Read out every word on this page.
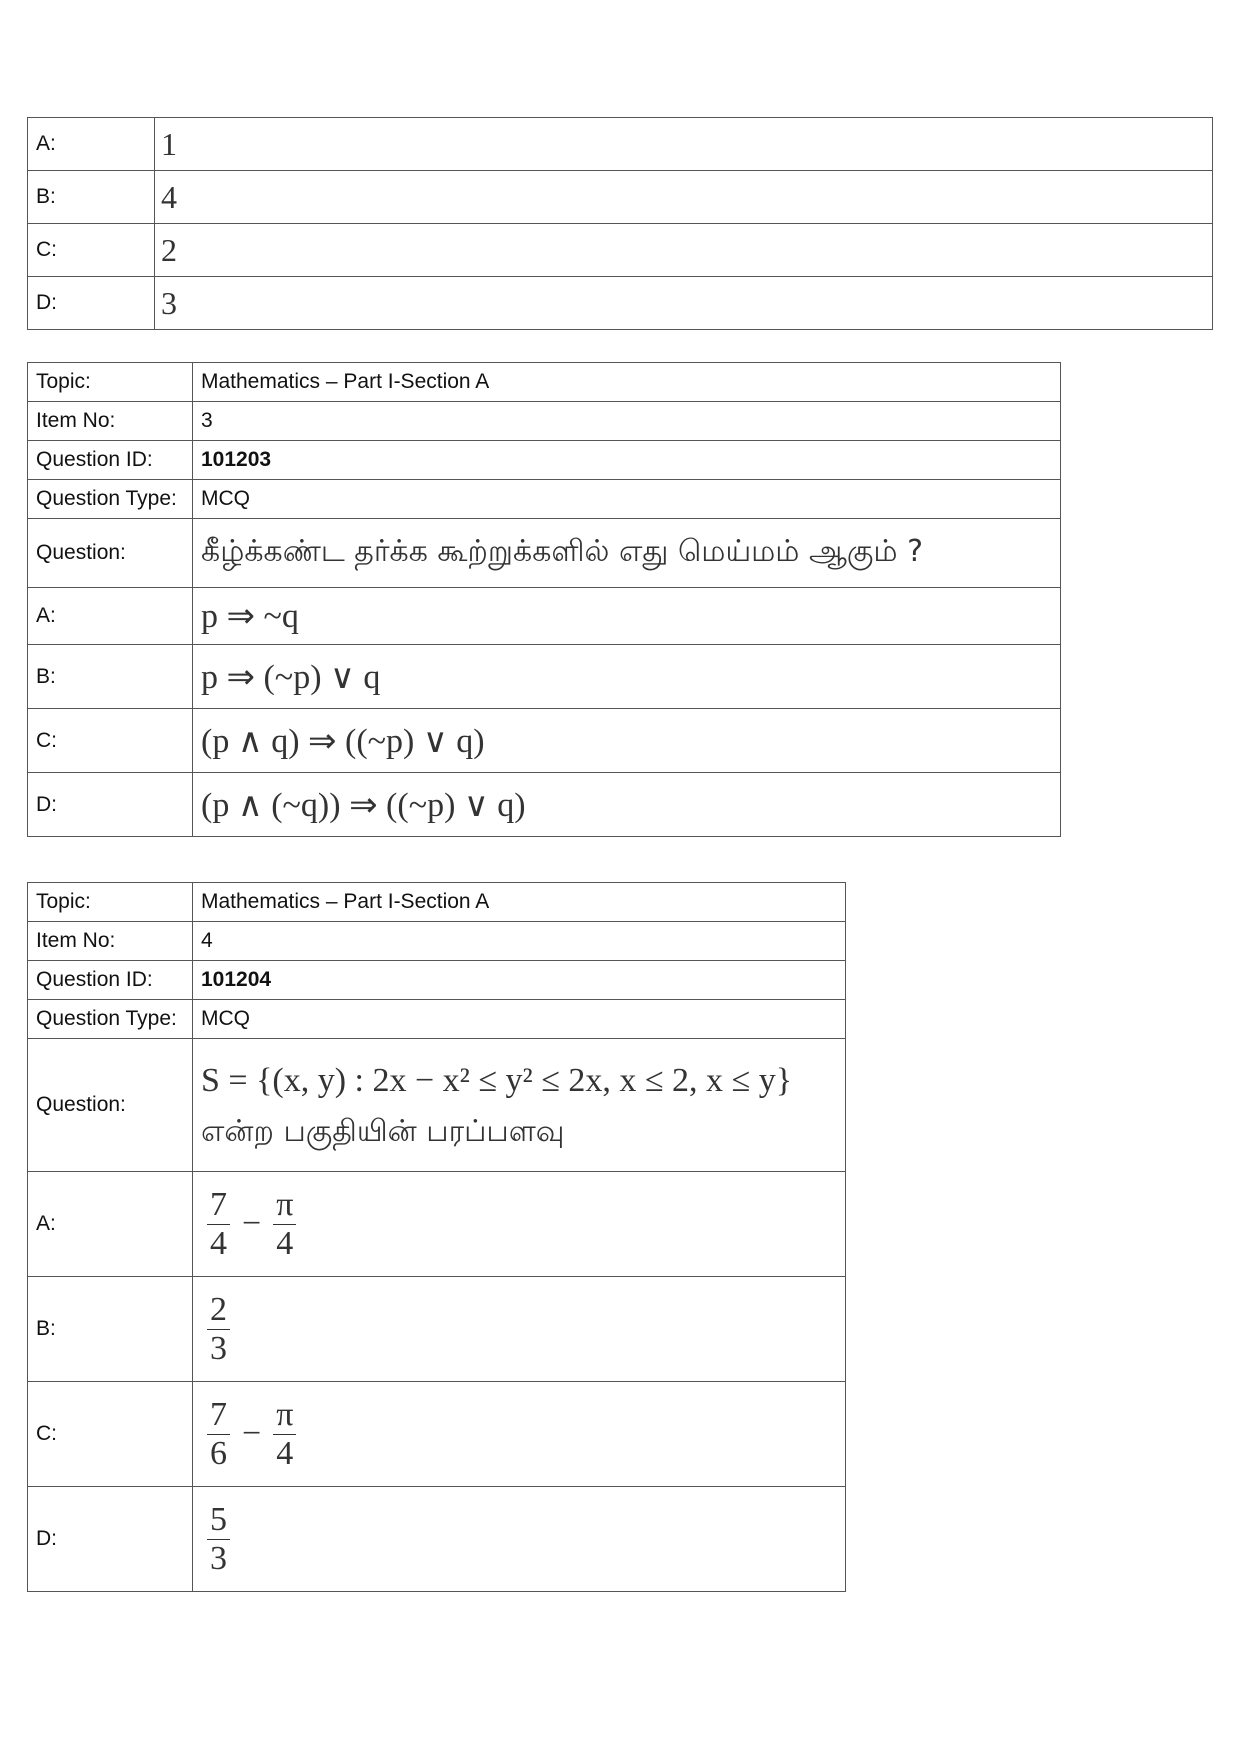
A:	1
B:	4
C:	2
D:	3
Topic:	Mathematics – Part I-Section A
Item No:	3
Question ID:	101203
Question Type:	MCQ
Question:	கீழ்க்கண்ட தர்க்க கூற்றுக்களில் எது மெய்மம் ஆகும் ?
A:	p ⇒ ~q
B:	p ⇒ (~p) ∨ q
C:	(p ∧ q) ⇒ ((~p) ∨ q)
D:	(p ∧ (~q)) ⇒ ((~p) ∨ q)
Topic:	Mathematics – Part I-Section A
Item No:	4
Question ID:	101204
Question Type:	MCQ
Question:	S = {(x, y) : 2x − x² ≤ y² ≤ 2x, x ≤ 2, x ≤ y}
என்ற பகுதியின் பரப்பளவு

A:	$\frac{7}{4} - \frac{\pi}{4}$

B:	$\frac{2}{3}$

C:	$\frac{7}{6} - \frac{\pi}{4}$

D:	$\frac{5}{3}$
